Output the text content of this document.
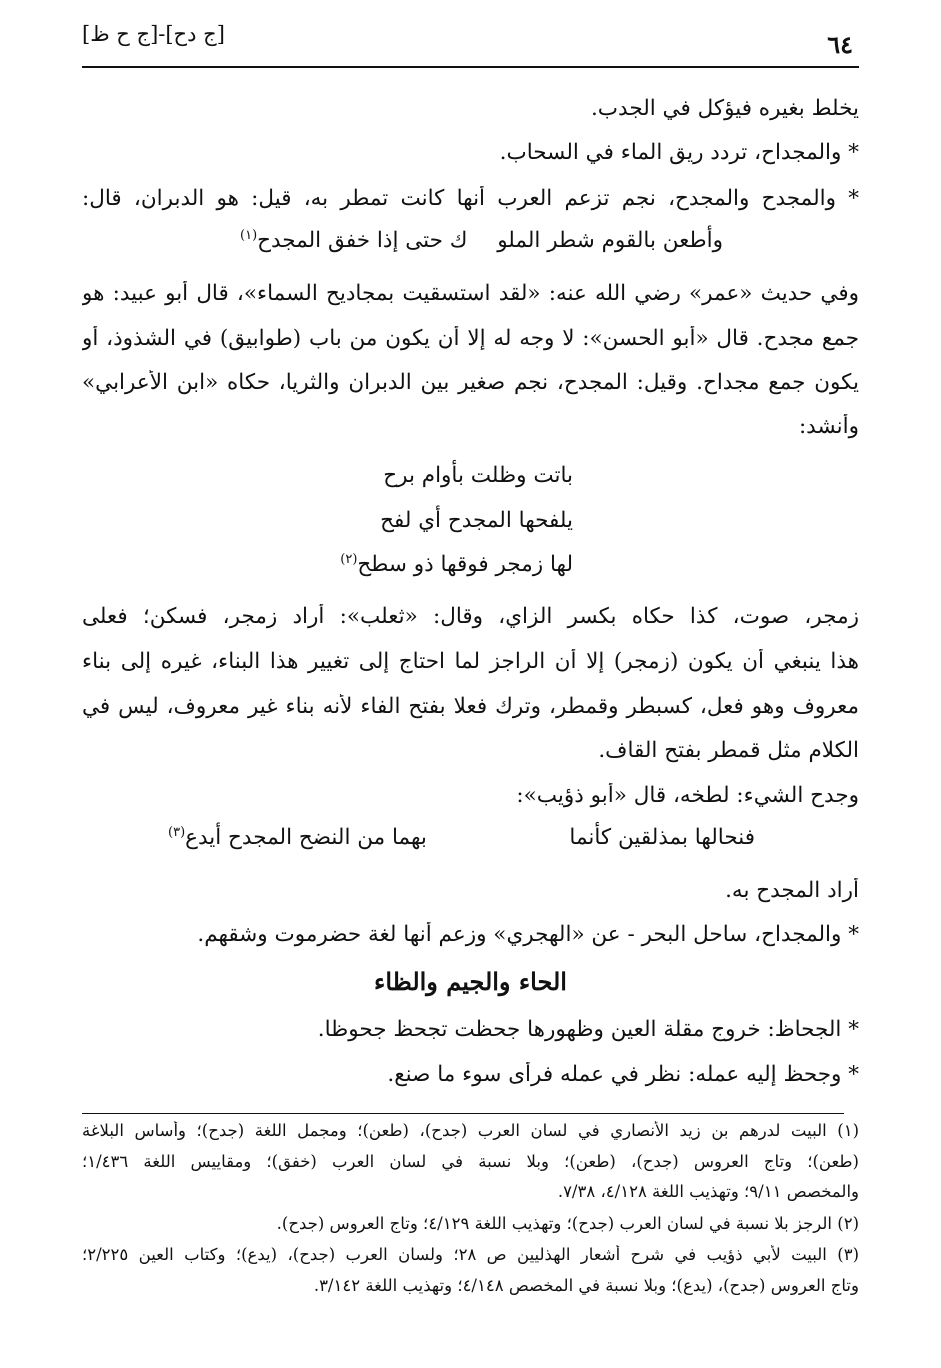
[ج دح]-[ج ح ظ]	٦٤
يخلط بغيره فيؤكل في الجدب.
* والمجداح، تردد ريق الماء في السحاب.
* والمجدح والمجدح، نجم تزعم العرب أنها كانت تمطر به، قيل: هو الدبران، قال:
وأطعن بالقوم شطر الملو
ك حتى إذا خفق المجدح$^{(١)}$
وفي حديث «عمر» رضي الله عنه: «لقد استسقيت بمجاديح السماء»، قال أبو عبيد: هو
جمع مجدح. قال «أبو الحسن»: لا وجه له إلا أن يكون من باب (طوابيق) في الشذوذ، أو
يكون جمع مجداح. وقيل: المجدح، نجم صغير بين الدبران والثريا، حكاه «ابن الأعرابي»
وأنشد:
باتت وظلت بأوام برح
يلفحها المجدح أي لفح
لها زمجر فوقها ذو سطح$^{(٢)}$
زمجر، صوت، كذا حكاه بكسر الزاي، وقال: «ثعلب»: أراد زمجر، فسكن؛ فعلى
هذا ينبغي أن يكون (زمجر) إلا أن الراجز لما احتاج إلى تغيير هذا البناء، غيره إلى بناء
معروف وهو فعل، كسبطر وقمطر، وترك فعلا بفتح الفاء لأنه بناء غير معروف، ليس في
الكلام مثل قمطر بفتح القاف.
وجدح الشيء: لطخه، قال «أبو ذؤيب»:
فنحالها بمذلقين كأنما
بهما من النضح المجدح أيدع$^{(٣)}$
أراد المجدح به.
* والمجداح، ساحل البحر - عن «الهجري» وزعم أنها لغة حضرموت وشقهم.
الحاء والجيم والظاء
* الجحاظ: خروج مقلة العين وظهورها جحظت تجحظ جحوظا.
* وجحظ إليه عمله: نظر في عمله فرأى سوء ما صنع.
(١) البيت لدرهم بن زيد الأنصاري في لسان العرب (جدح)، (طعن)؛ ومجمل اللغة (جدح)؛ وأساس البلاغة
(طعن)؛ وتاج العروس (جدح)، (طعن)؛ وبلا نسبة في لسان العرب (خفق)؛ ومقاييس اللغة ١/٤٣٦؛
والمخصص ٩/١١؛ وتهذيب اللغة ٤/١٢٨، ٧/٣٨.
(٢) الرجز بلا نسبة في لسان العرب (جدح)؛ وتهذيب اللغة ٤/١٢٩؛ وتاج العروس (جدح).
(٣) البيت لأبي ذؤيب في شرح أشعار الهذليين ص ٢٨؛ ولسان العرب (جدح)، (يدع)؛ وكتاب العين ٢/٢٢٥؛
وتاج العروس (جدح)، (يدع)؛ وبلا نسبة في المخصص ٤/١٤٨؛ وتهذيب اللغة ٣/١٤٢.
